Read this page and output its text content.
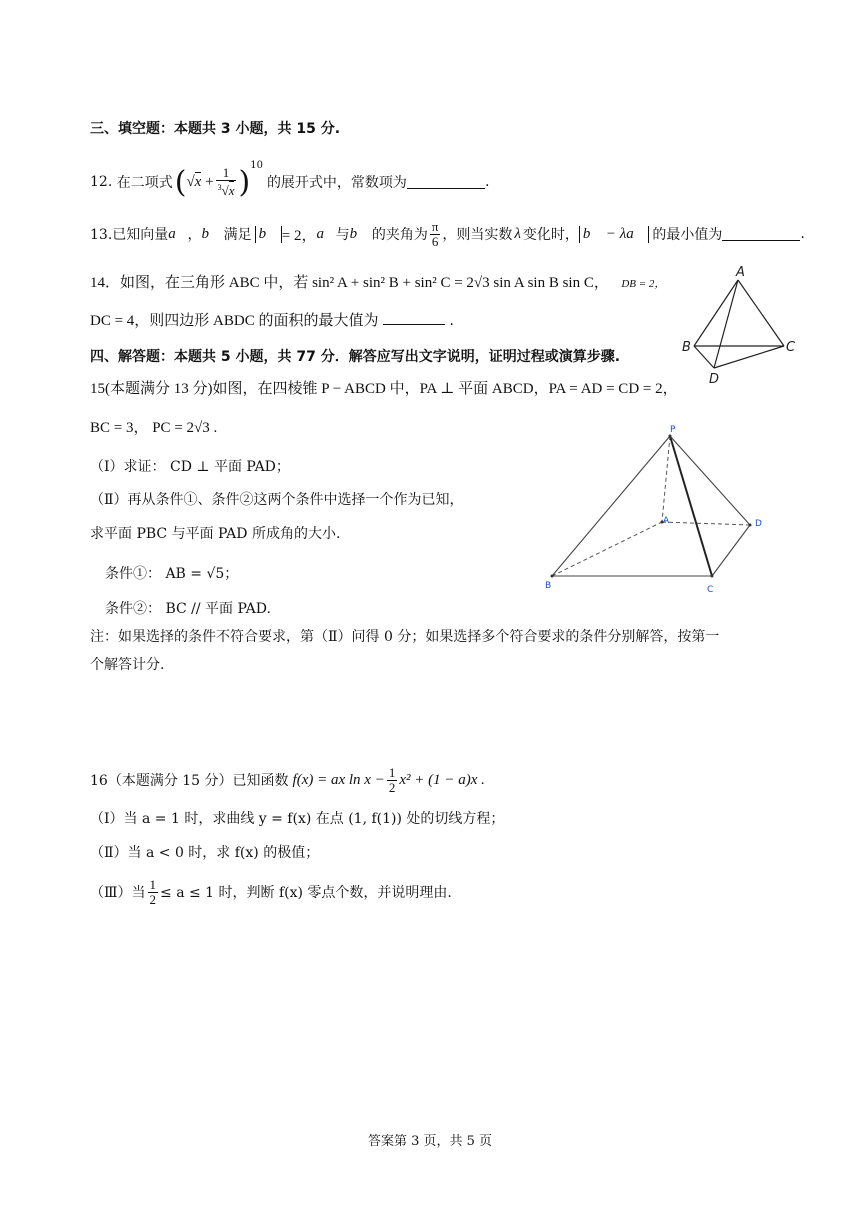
三、填空题：本题共 3 小题，共 15 分.
12.
在二项式 ( $√x + \frac{1}{^3√x}$ ) 10
的展开式中，常数项为	.
13.已知向量 a⃗ ， b⃗ 满足 b⃗ = 2， a⃗ 与 b⃗ 的夹角为 $\frac{\pi}{6}$ ，则当实数 λ 变化时， b⃗ − λa⃗ 的最小值为	.
14．如图，在三角形 ABC 中，若 sin² A + sin² B + sin² C = 2√3 sin A sin B sin C， DB = 2，
DC = 4，则四边形 ABDC 的面积的最大值为	.
A
B	C
D
四、解答题：本题共 5 小题，共 77 分．解答应写出文字说明，证明过程或演算步骤.
15(本题满分 13 分)如图，在四棱锥 P − ABCD 中，PA ⊥ 平面 ABCD，PA = AD = CD = 2，
BC = 3， PC = 2√3 .
（Ⅰ）求证： CD ⊥ 平面 PAD；
（Ⅱ）再从条件①、条件②这两个条件中选择一个作为已知，
求平面 PBC 与平面 PAD 所成角的大小.
条件①： AB = √5；
条件②： BC // 平面 PAD.
注：如果选择的条件不符合要求，第（Ⅱ）问得 0 分；如果选择多个符合要求的条件分别解答，按第一
个解答计分.
P
A
B	C
D
16（本题满分 15 分）已知函数 f(x) = ax $\ln x - \frac{1}{2} x^2 + (1 - a)x$ .
（Ⅰ）当 a = 1 时，求曲线 y = f(x) 在点 (1, f(1)) 处的切线方程；
（Ⅱ）当 a < 0 时，求 f(x) 的极值；
（Ⅲ）当 $\frac{1}{2} \le a \le 1$ 时，判断 f(x) 零点个数，并说明理由.
答案第 3 页，共 5 页
